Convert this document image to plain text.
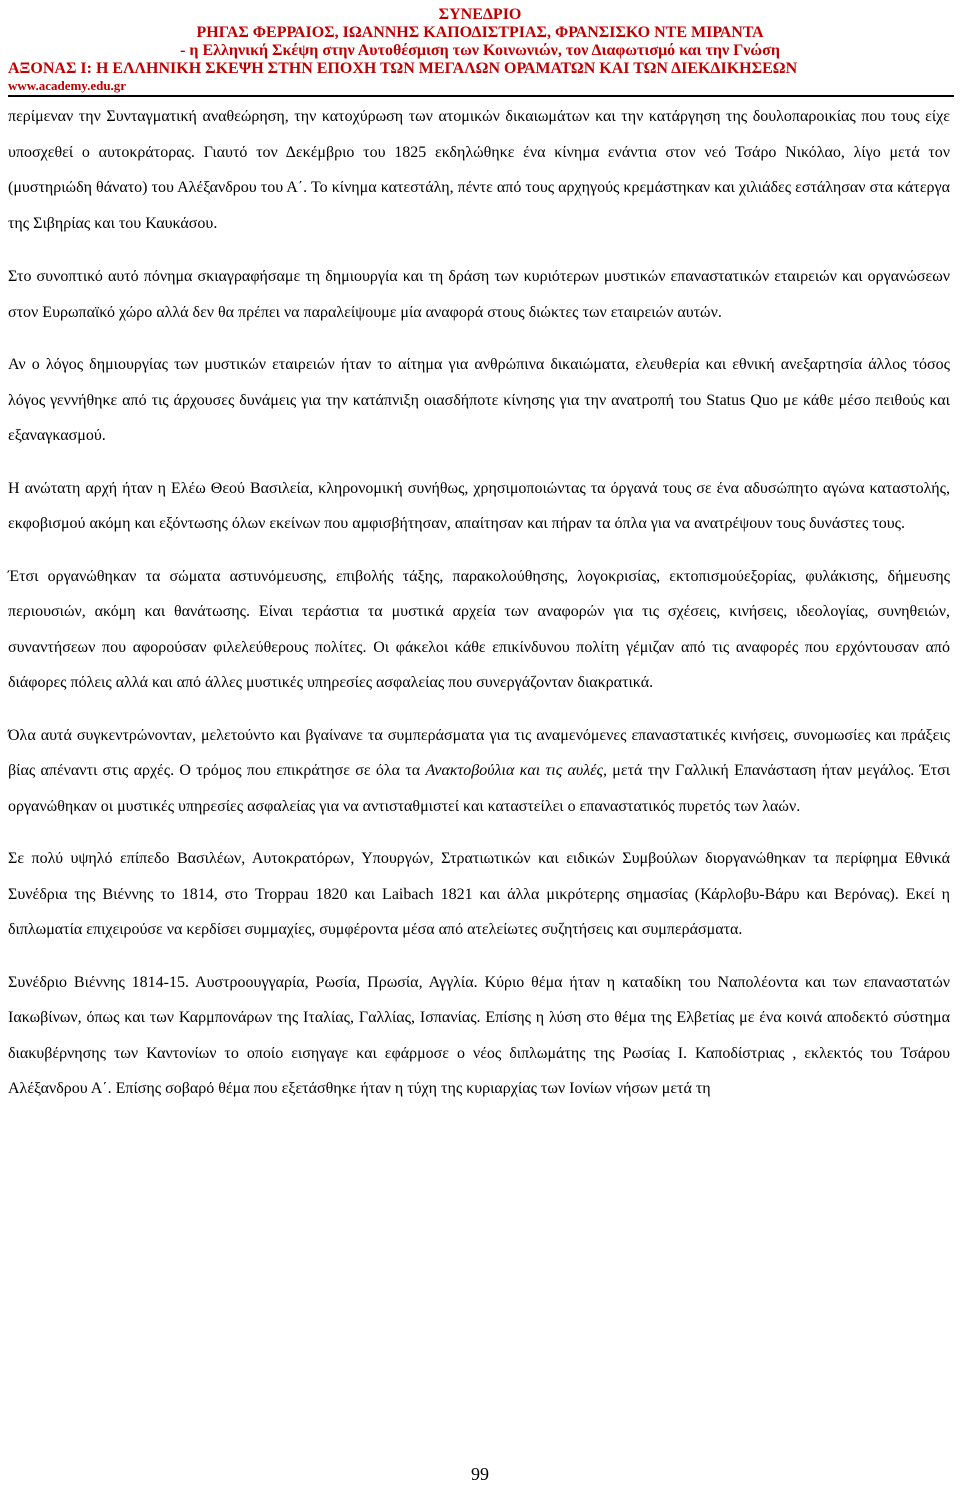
ΣΥΝΕΔΡΙΟ
ΡΗΓΑΣ ΦΕΡΡΑΙΟΣ, ΙΩΑΝΝΗΣ ΚΑΠΟΔΙΣΤΡΙΑΣ, ΦΡΑΝΣΙΣΚΟ ΝΤΕ ΜΙΡΑΝΤΑ
- η Ελληνική Σκέψη στην Αυτοθέσμιση των Κοινωνιών, τον Διαφωτισμό και την Γνώση
ΑΞΟΝΑΣ Ι: Η ΕΛΛΗΝΙΚΗ ΣΚΕΨΗ ΣΤΗΝ ΕΠΟΧΗ ΤΩΝ ΜΕΓΑΛΩΝ ΟΡΑΜΑΤΩΝ ΚΑΙ ΤΩΝ ΔΙΕΚΔΙΚΗΣΕΩΝ
www.academy.edu.gr

περίμεναν την Συνταγματική αναθεώρηση, την κατοχύρωση των ατομικών δικαιωμάτων και την κατάργηση της δουλοπαροικίας που τους είχε υποσχεθεί ο αυτοκράτορας. Γιαυτό τον Δεκέμβριο του 1825 εκδηλώθηκε ένα κίνημα ενάντια στον νεό Τσάρο Νικόλαο, λίγο μετά τον (μυστηριώδη θάνατο) του Αλέξανδρου του Α΄. Το κίνημα κατεστάλη, πέντε από τους αρχηγούς κρεμάστηκαν και χιλιάδες εστάλησαν στα κάτεργα της Σιβηρίας και του Καυκάσου.

Στο συνοπτικό αυτό πόνημα σκιαγραφήσαμε τη δημιουργία και τη δράση των κυριότερων μυστικών επαναστατικών εταιρειών και οργανώσεων στον Ευρωπαϊκό χώρο αλλά δεν θα πρέπει να παραλείψουμε μία αναφορά στους διώκτες των εταιρειών αυτών.

Αν ο λόγος δημιουργίας των μυστικών εταιρειών ήταν το αίτημα για ανθρώπινα δικαιώματα, ελευθερία και εθνική ανεξαρτησία άλλος τόσος λόγος γεννήθηκε από τις άρχουσες δυνάμεις για την κατάπνιξη οιασδήποτε κίνησης για την ανατροπή του Status Quo με κάθε μέσο πειθούς και εξαναγκασμού.

Η ανώτατη αρχή ήταν η Ελέω Θεού Βασιλεία, κληρονομική συνήθως, χρησιμοποιώντας τα όργανά τους σε ένα αδυσώπητο αγώνα καταστολής, εκφοβισμού ακόμη και εξόντωσης όλων εκείνων που αμφισβήτησαν, απαίτησαν και πήραν τα όπλα για να ανατρέψουν τους δυνάστες τους.

Έτσι οργανώθηκαν τα σώματα αστυνόμευσης, επιβολής τάξης, παρακολούθησης, λογοκρισίας, εκτοπισμούεξορίας, φυλάκισης, δήμευσης περιουσιών, ακόμη και θανάτωσης. Είναι τεράστια τα μυστικά αρχεία των αναφορών για τις σχέσεις, κινήσεις, ιδεολογίας, συνηθειών, συναντήσεων που αφορούσαν φιλελεύθερους πολίτες. Οι φάκελοι κάθε επικίνδυνου πολίτη γέμιζαν από τις αναφορές που ερχόντουσαν από διάφορες πόλεις αλλά και από άλλες μυστικές υπηρεσίες ασφαλείας που συνεργάζονταν διακρατικά.

Όλα αυτά συγκεντρώνονταν, μελετούντο και βγαίνανε τα συμπεράσματα για τις αναμενόμενες επαναστατικές κινήσεις, συνομωσίες και πράξεις βίας απέναντι στις αρχές. Ο τρόμος που επικράτησε σε όλα τα Ανακτοβούλια και τις αυλές, μετά την Γαλλική Επανάσταση ήταν μεγάλος. Έτσι οργανώθηκαν οι μυστικές υπηρεσίες ασφαλείας για να αντισταθμιστεί και καταστείλει ο επαναστατικός πυρετός των λαών.

Σε πολύ υψηλό επίπεδο Βασιλέων, Αυτοκρατόρων, Υπουργών, Στρατιωτικών και ειδικών Συμβούλων διοργανώθηκαν τα περίφημα Εθνικά Συνέδρια της Βιέννης το 1814, στο Troppau 1820 και Laibach 1821 και άλλα μικρότερης σημασίας (Κάρλοβυ-Βάρυ και Βερόνας). Εκεί η διπλωματία επιχειρούσε να κερδίσει συμμαχίες, συμφέροντα μέσα από ατελείωτες συζητήσεις και συμπεράσματα.

Συνέδριο Βιέννης 1814-15. Αυστροουγγαρία, Ρωσία, Πρωσία, Αγγλία. Κύριο θέμα ήταν η καταδίκη του Ναπολέοντα και των επαναστατών Ιακωβίνων, όπως και των Καρμπονάρων της Ιταλίας, Γαλλίας, Ισπανίας. Επίσης η λύση στο θέμα της Ελβετίας με ένα κοινά αποδεκτό σύστημα διακυβέρνησης των Καντονίων το οποίο εισηγαγε και εφάρμοσε ο νέος διπλωμάτης της Ρωσίας Ι. Καποδίστριας , εκλεκτός του Τσάρου Αλέξανδρου Α΄. Επίσης σοβαρό θέμα που εξετάσθηκε ήταν η τύχη της κυριαρχίας των Ιονίων νήσων μετά τη

99
